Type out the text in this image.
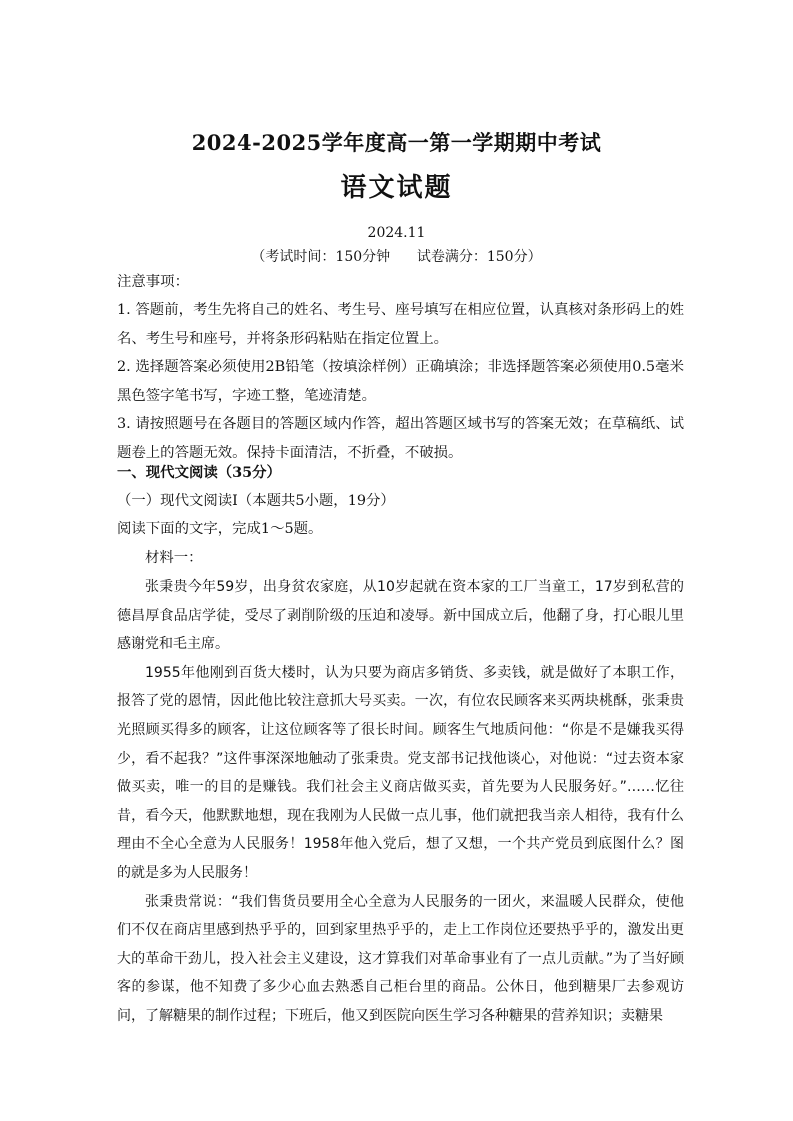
2024-2025学年度高一第一学期期中考试
语文试题
2024.11
（考试时间：150分钟 试卷满分：150分）
注意事项：

1. 答题前，考生先将自己的姓名、考生号、座号填写在相应位置，认真核对条形码上的姓名、考生号和座号，并将条形码粘贴在指定位置上。

2. 选择题答案必须使用2B铅笔（按填涂样例）正确填涂；非选择题答案必须使用0.5毫米黑色签字笔书写，字迹工整，笔迹清楚。

3. 请按照题号在各题目的答题区域内作答，超出答题区域书写的答案无效；在草稿纸、试题卷上的答题无效。保持卡面清洁，不折叠，不破损。

一、现代文阅读（35分）
（一）现代文阅读Ⅰ（本题共5小题，19分）
阅读下面的文字，完成1～5题。
材料一：

张秉贵今年59岁，出身贫农家庭，从10岁起就在资本家的工厂当童工，17岁到私营的德昌厚食品店学徒，受尽了剥削阶级的压迫和凌辱。新中国成立后，他翻了身，打心眼儿里感谢党和毛主席。

1955年他刚到百货大楼时，认为只要为商店多销货、多卖钱，就是做好了本职工作，报答了党的恩情，因此他比较注意抓大号买卖。一次，有位农民顾客来买两块桃酥，张秉贵光照顾买得多的顾客，让这位顾客等了很长时间。顾客生气地质问他：“你是不是嫌我买得少，看不起我？”这件事深深地触动了张秉贵。党支部书记找他谈心，对他说：“过去资本家做买卖，唯一的目的是赚钱。我们社会主义商店做买卖，首先要为人民服务好。”……忆往昔，看今天，他默默地想，现在我刚为人民做一点儿事，他们就把我当亲人相待，我有什么理由不全心全意为人民服务！1958年他入党后，想了又想，一个共产党员到底图什么？图的就是多为人民服务！

张秉贵常说：“我们售货员要用全心全意为人民服务的一团火，来温暖人民群众，使他们不仅在商店里感到热乎乎的，回到家里热乎乎的，走上工作岗位还要热乎乎的，激发出更大的革命干劲儿，投入社会主义建设，这才算我们对革命事业有了一点儿贡献。”为了当好顾客的参谋，他不知费了多少心血去熟悉自己柜台里的商品。公休日，他到糖果厂去参观访问，了解糖果的制作过程；下班后，他又到医院向医生学习各种糖果的营养知识；卖糖果
